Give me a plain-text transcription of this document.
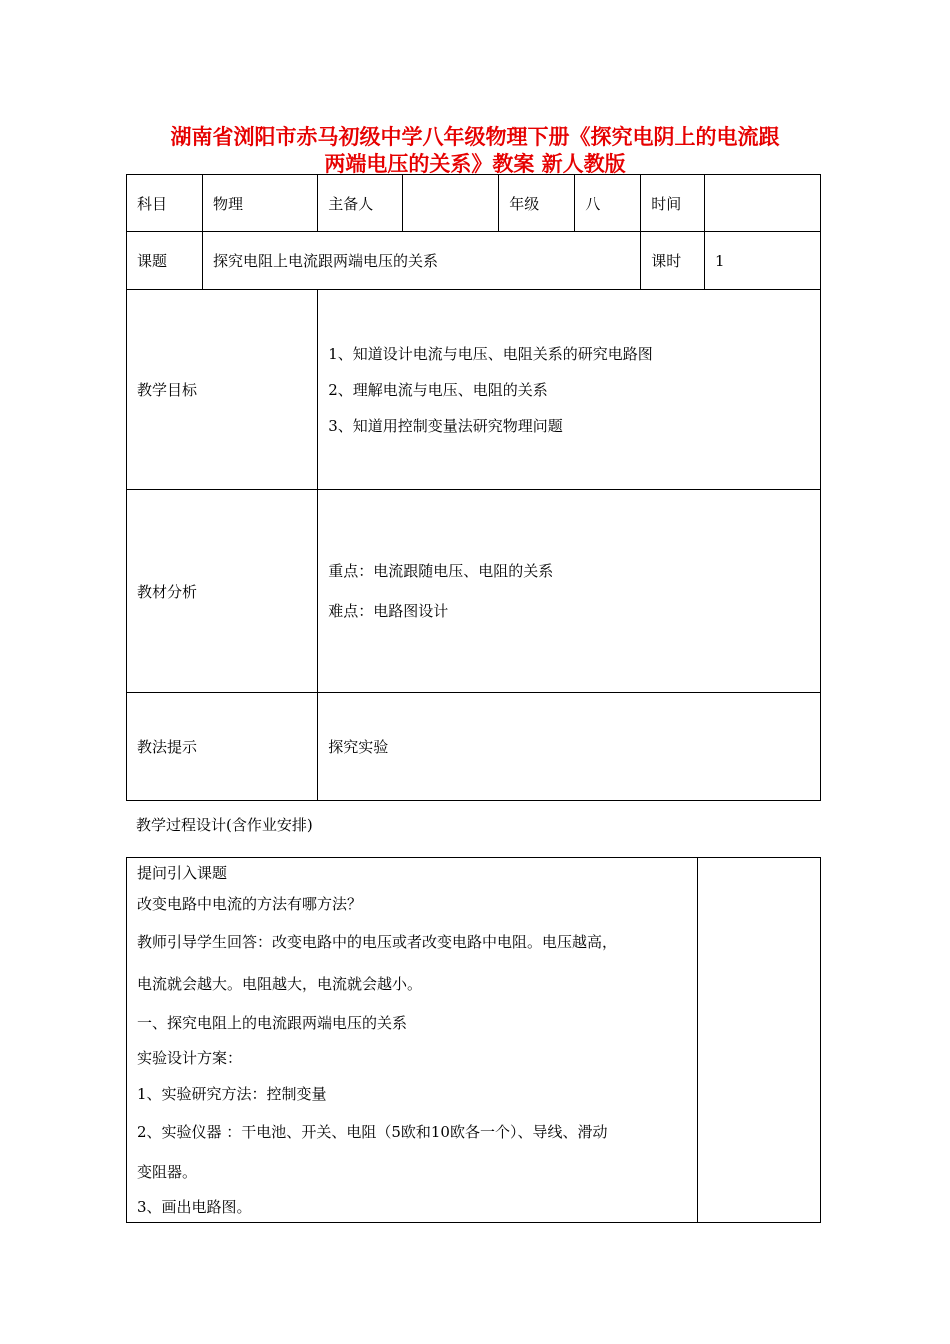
湖南省浏阳市赤马初级中学八年级物理下册《探究电阴上的电流跟
两端电压的关系》教案 新人教版
科目	物理	主备人		年级	八	时间	
课题	探究电阻上电流跟两端电压的关系					课时	1
教学目标		1、知道设计电流与电压、电阻关系的研究电路图

2、理解电流与电压、电阻的关系

3、知道用控制变量法研究物理问题					

教材分析		重点：电流跟随电压、电阻的关系

难点：电路图设计					

教法提示		探究实验					
教学过程设计(含作业安排)

提问引入课题

改变电路中电流的方法有哪方法？

教师引导学生回答：改变电路中的电压或者改变电路中电阻。电压越高，

电流就会越大。电阻越大，电流就会越小。

一、探究电阻上的电流跟两端电压的关系

实验设计方案：

1、实验研究方法：控制变量

2、实验仪器 ：干电池、开关、电阻（5欧和10欧各一个）、导线、滑动

变阻器。

3、画出电路图。
